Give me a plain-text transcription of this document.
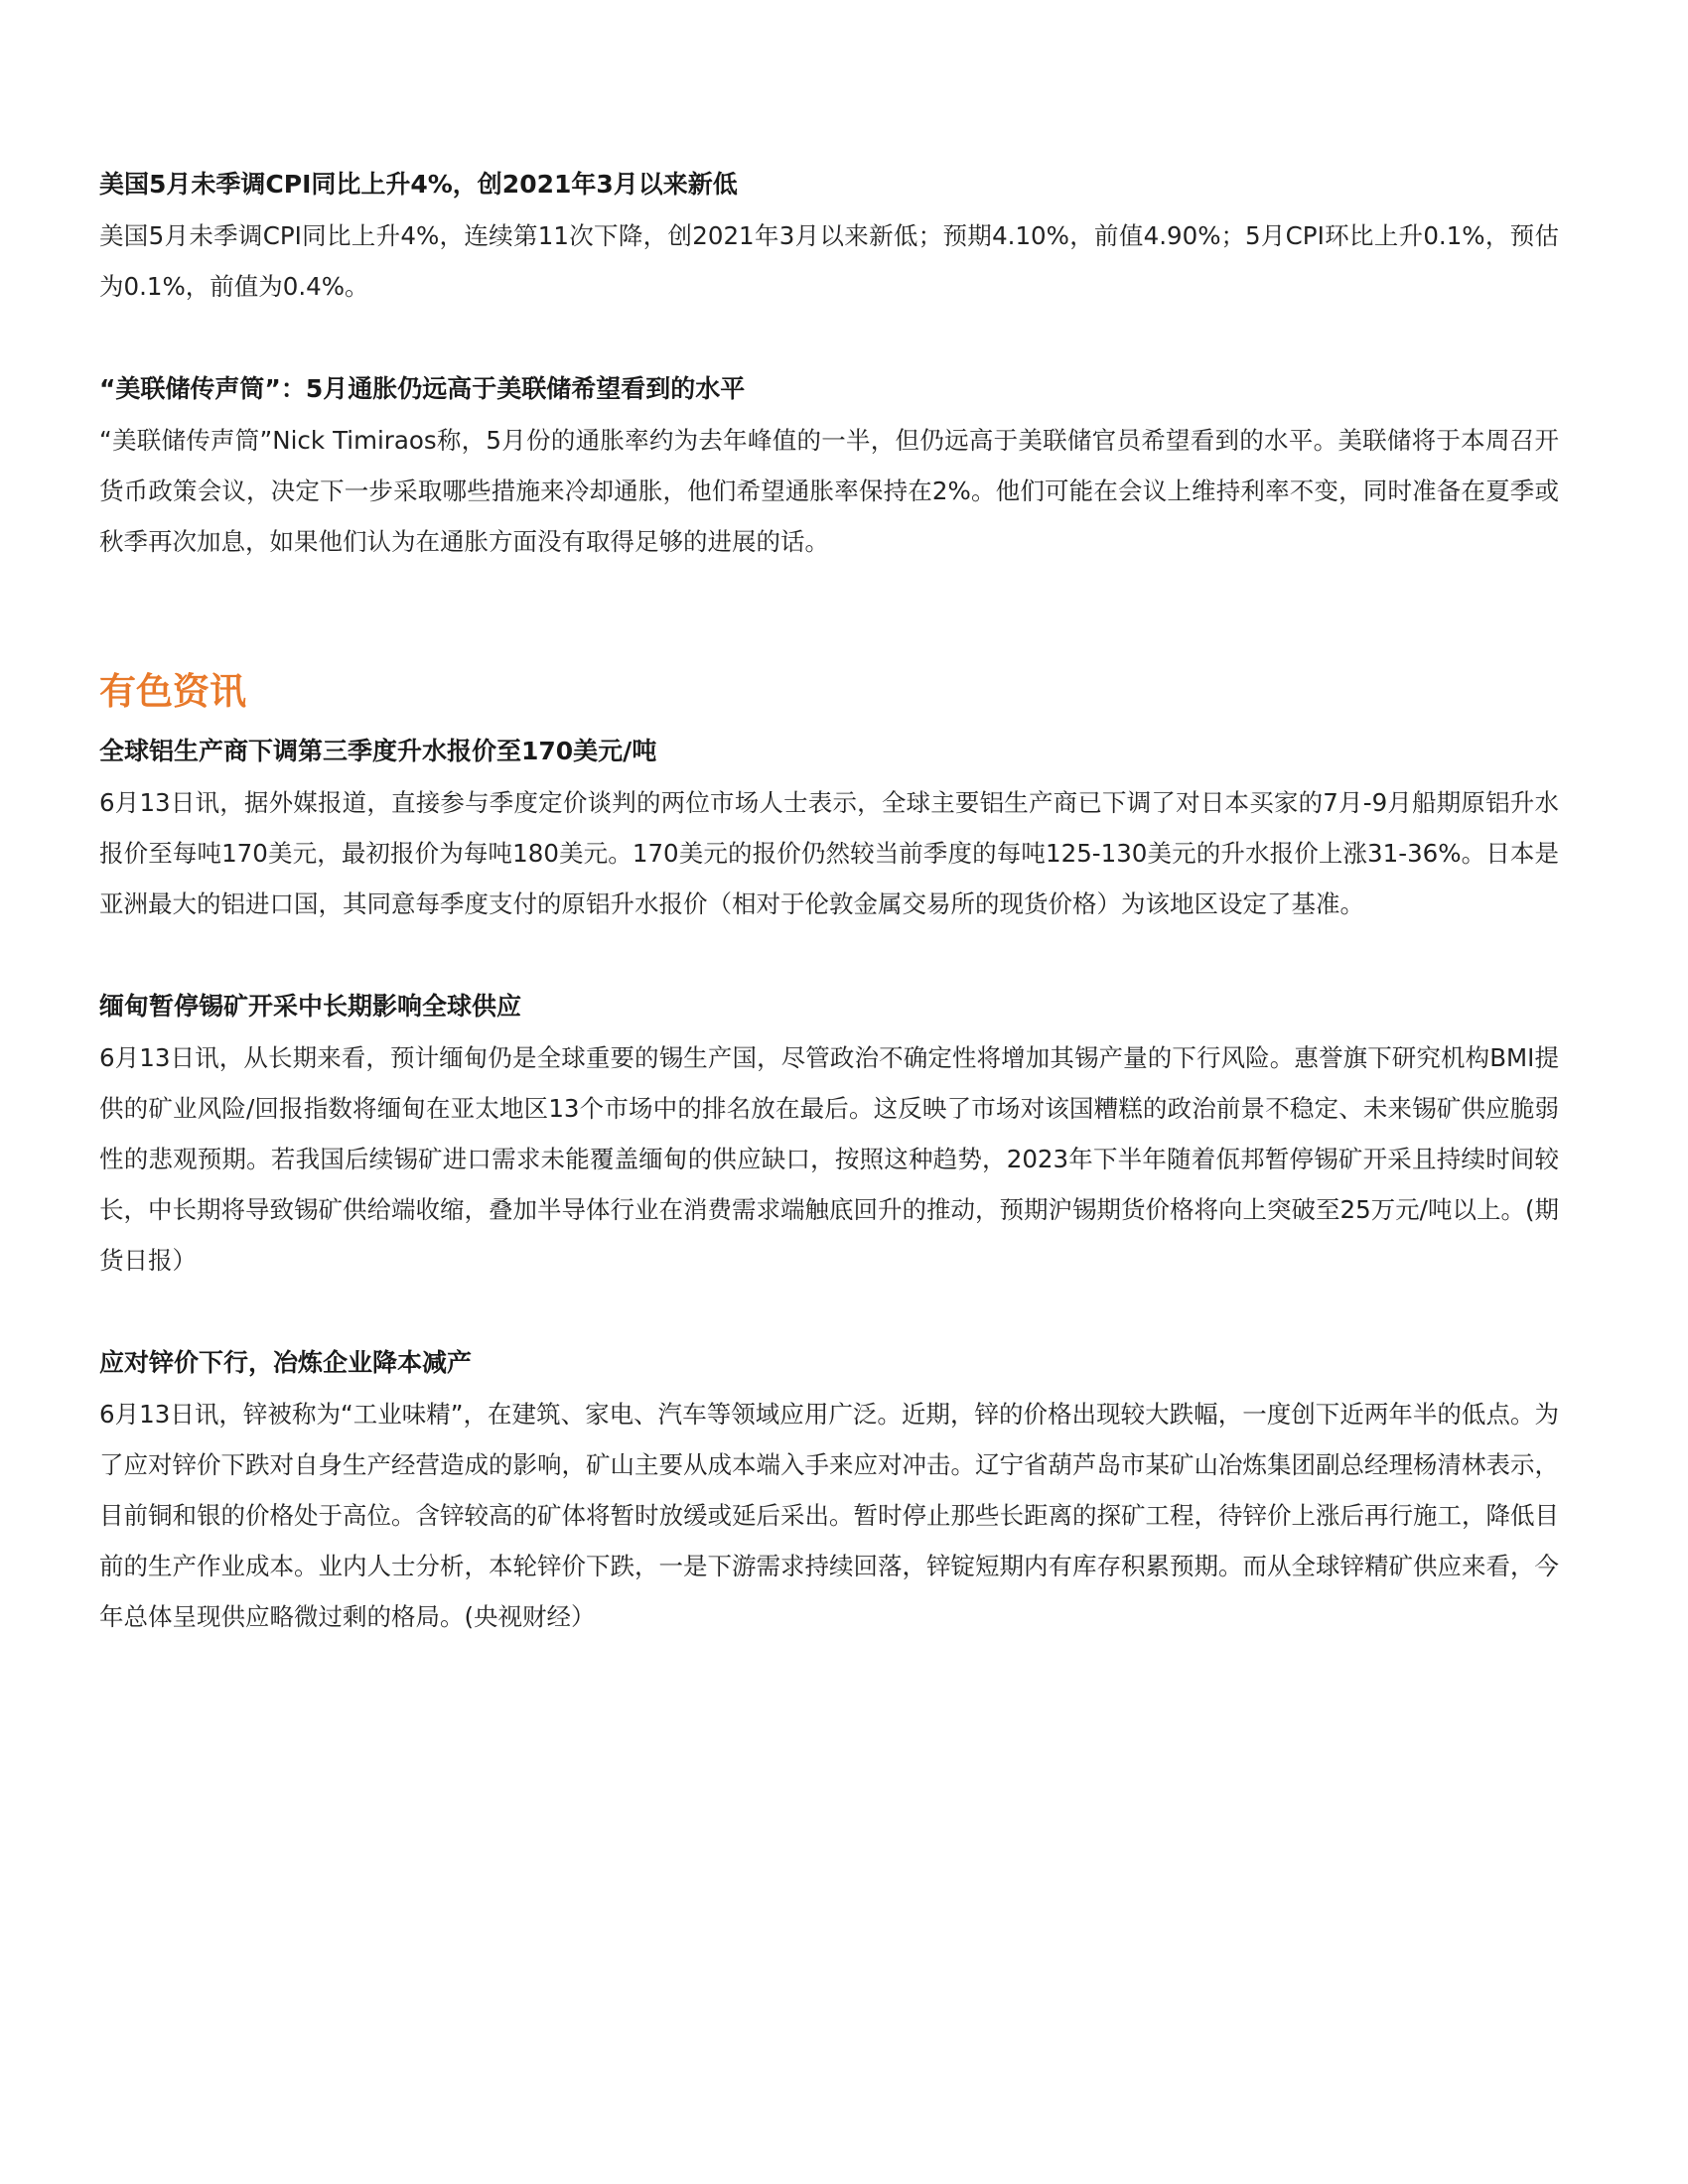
美国5月未季调CPI同比上升4%，创2021年3月以来新低

美国5月未季调CPI同比上升4%，连续第11次下降，创2021年3月以来新低；预期4.10%，前值4.90%；5月CPI环比上升0.1%，预估为0.1%，前值为0.4%。

“美联储传声筒”：5月通胀仍远高于美联储希望看到的水平

“美联储传声筒”Nick Timiraos称，5月份的通胀率约为去年峰值的一半，但仍远高于美联储官员希望看到的水平。美联储将于本周召开货币政策会议，决定下一步采取哪些措施来冷却通胀，他们希望通胀率保持在2%。他们可能在会议上维持利率不变，同时准备在夏季或秋季再次加息，如果他们认为在通胀方面没有取得足够的进展的话。

有色资讯

全球铝生产商下调第三季度升水报价至170美元/吨

6月13日讯，据外媒报道，直接参与季度定价谈判的两位市场人士表示，全球主要铝生产商已下调了对日本买家的7月-9月船期原铝升水报价至每吨170美元，最初报价为每吨180美元。170美元的报价仍然较当前季度的每吨125-130美元的升水报价上涨31-36%。日本是亚洲最大的铝进口国，其同意每季度支付的原铝升水报价（相对于伦敦金属交易所的现货价格）为该地区设定了基准。

缅甸暂停锡矿开采中长期影响全球供应

6月13日讯，从长期来看，预计缅甸仍是全球重要的锡生产国，尽管政治不确定性将增加其锡产量的下行风险。惠誉旗下研究机构BMI提供的矿业风险/回报指数将缅甸在亚太地区13个市场中的排名放在最后。这反映了市场对该国糟糕的政治前景不稳定、未来锡矿供应脆弱性的悲观预期。若我国后续锡矿进口需求未能覆盖缅甸的供应缺口，按照这种趋势，2023年下半年随着佤邦暂停锡矿开采且持续时间较长，中长期将导致锡矿供给端收缩，叠加半导体行业在消费需求端触底回升的推动，预期沪锡期货价格将向上突破至25万元/吨以上。(期货日报）

应对锌价下行，冶炼企业降本减产

6月13日讯，锌被称为“工业味精”，在建筑、家电、汽车等领域应用广泛。近期，锌的价格出现较大跌幅，一度创下近两年半的低点。为了应对锌价下跌对自身生产经营造成的影响，矿山主要从成本端入手来应对冲击。辽宁省葫芦岛市某矿山冶炼集团副总经理杨清林表示，目前铜和银的价格处于高位。含锌较高的矿体将暂时放缓或延后采出。暂时停止那些长距离的探矿工程，待锌价上涨后再行施工，降低目前的生产作业成本。业内人士分析，本轮锌价下跌，一是下游需求持续回落，锌锭短期内有库存积累预期。而从全球锌精矿供应来看，今年总体呈现供应略微过剩的格局。(央视财经）
